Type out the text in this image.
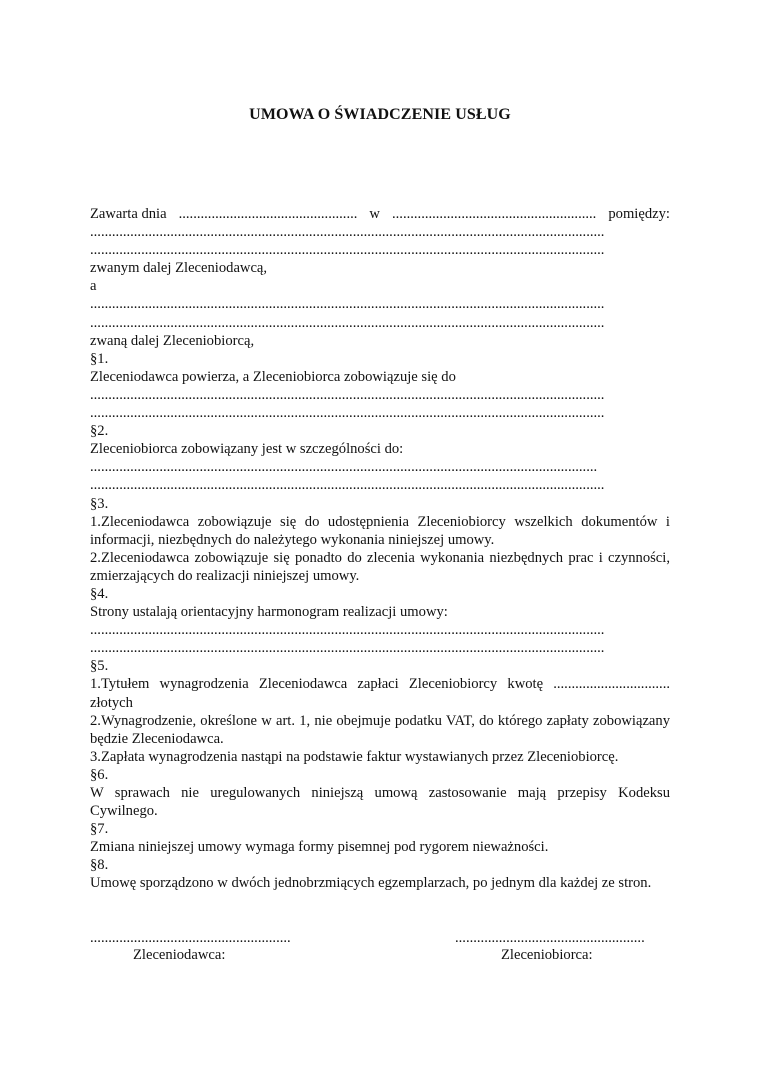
UMOWA O ŚWIADCZENIE USŁUG
Zawarta dnia ................................................. w ........................................................ pomiędzy:
.............................................................................................................................................
.............................................................................................................................................
zwanym dalej Zleceniodawcą,
a
.............................................................................................................................................
.............................................................................................................................................
zwaną dalej Zleceniobiorcą,
§1.
Zleceniodawca powierza, a Zleceniobiorca zobowiązuje się do
.............................................................................................................................................
.............................................................................................................................................
§2.
Zleceniobiorca zobowiązany jest w szczególności do:
...........................................................................................................................................
.............................................................................................................................................
§3.
1.Zleceniodawca zobowiązuje się do udostępnienia Zleceniobiorcy wszelkich dokumentów i informacji, niezbędnych do należytego wykonania niniejszej umowy.
2.Zleceniodawca zobowiązuje się ponadto do zlecenia wykonania niezbędnych prac i czynności, zmierzających do realizacji niniejszej umowy.
§4.
Strony ustalają orientacyjny harmonogram realizacji umowy:
.............................................................................................................................................
.............................................................................................................................................
§5.
1.Tytułem wynagrodzenia Zleceniodawca zapłaci Zleceniobiorcy kwotę ................................ złotych
2.Wynagrodzenie, określone w art. 1, nie obejmuje podatku VAT, do którego zapłaty zobowiązany będzie Zleceniodawca.
3.Zapłata wynagrodzenia nastąpi na podstawie faktur wystawianych przez Zleceniobiorcę.
§6.
W sprawach nie uregulowanych niniejszą umową zastosowanie mają przepisy Kodeksu Cywilnego.
§7.
Zmiana niniejszej umowy wymaga formy pisemnej pod rygorem nieważności.
§8.
Umowę sporządzono w dwóch jednobrzmiących egzemplarzach, po jednym dla każdej ze stron.
.......................................................
Zleceniodawca:
....................................................
Zleceniobiorca:
